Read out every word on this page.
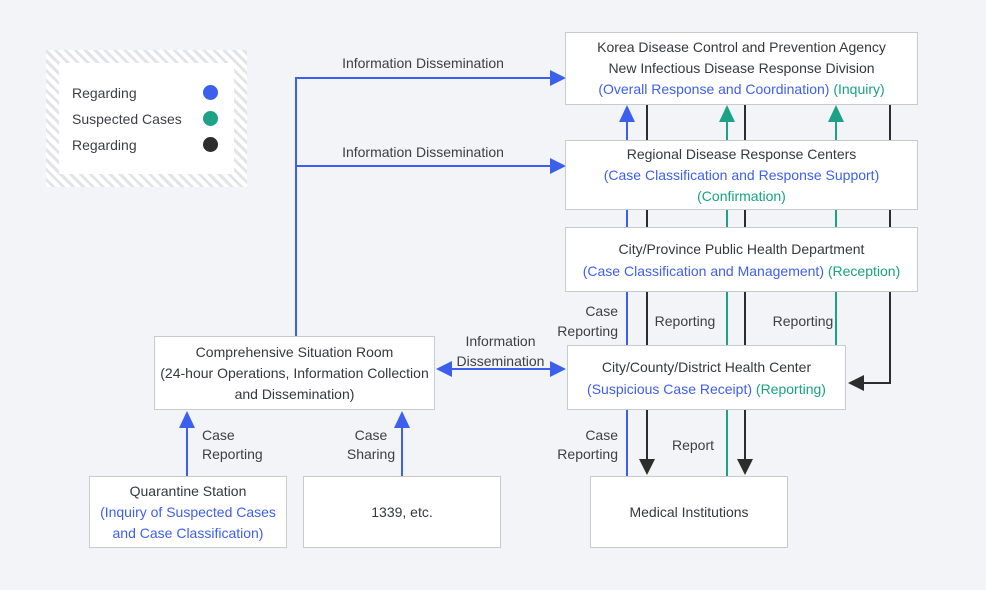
Regarding
Suspected Cases
Regarding
Korea Disease Control and Prevention Agency
New Infectious Disease Response Division
(Overall Response and Coordination) (Inquiry)
Regional Disease Response Centers
(Case Classification and Response Support)
(Confirmation)
City/Province Public Health Department
(Case Classification and Management) (Reception)
City/County/District Health Center
(Suspicious Case Receipt) (Reporting)
Comprehensive Situation Room
(24-hour Operations, Information Collection
and Dissemination)
Quarantine Station
(Inquiry of Suspected Cases
and Case Classification)
1339, etc.	Medical Institutions
Information Dissemination
Information Dissemination
Information
Dissemination
Case
Reporting
Case
Sharing
Case
Reporting
Reporting	Reporting
Case
Reporting
Report
